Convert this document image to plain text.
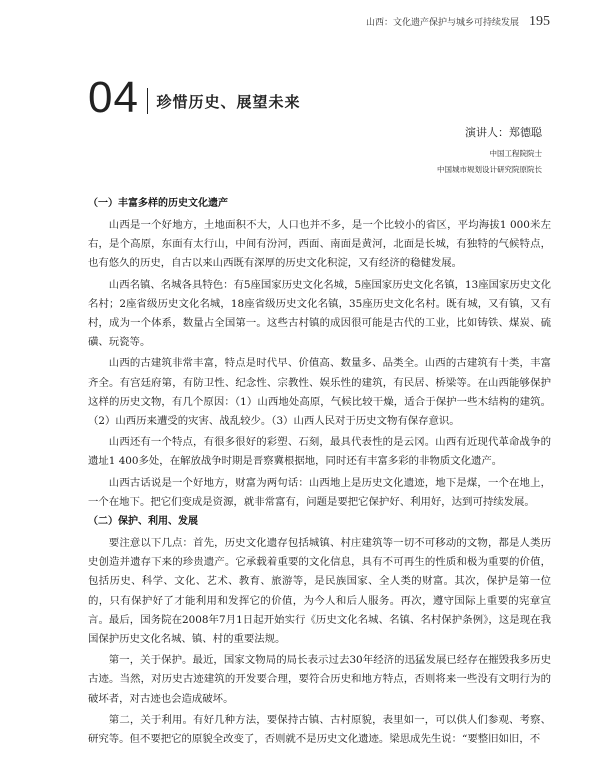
山西：文化遗产保护与城乡可持续发展 195
04 珍惜历史、展望未来
演讲人：郑德聪
中国工程院院士
中国城市规划设计研究院原院长
（一）丰富多样的历史文化遗产

山西是一个好地方，土地面积不大，人口也并不多，是一个比较小的省区，平均海拔1 000米左右，是个高原，东面有太行山，中间有汾河，西面、南面是黄河，北面是长城，有独特的气候特点，也有悠久的历史，自古以来山西既有深厚的历史文化积淀，又有经济的稳健发展。

山西名镇、名城各具特色：有5座国家历史文化名城，5座国家历史文化名镇，13座国家历史文化名村；2座省级历史文化名城，18座省级历史文化名镇，35座历史文化名村。既有城，又有镇，又有村，成为一个体系，数量占全国第一。这些古村镇的成因很可能是古代的工业，比如铸铁、煤炭、硫磺、玩瓷等。

山西的古建筑非常丰富，特点是时代早、价值高、数量多、品类全。山西的古建筑有十类，丰富齐全。有宫廷府第，有防卫性、纪念性、宗教性、娱乐性的建筑，有民居、桥梁等。在山西能够保护这样的历史文物，有几个原因：（1）山西地处高原，气候比较干燥，适合于保护一些木结构的建筑。（2）山西历来遭受的灾害、战乱较少。（3）山西人民对于历史文物有保存意识。

山西还有一个特点，有很多很好的彩塑、石刻，最具代表性的是云冈。山西有近现代革命战争的遗址1 400多处，在解放战争时期是晋察冀根据地，同时还有丰富多彩的非物质文化遗产。

山西古话说是一个好地方，财富为两句话：山西地上是历史文化遗迹，地下是煤，一个在地上，一个在地下。把它们变成是资源，就非常富有，问题是要把它保护好、利用好，达到可持续发展。

（二）保护、利用、发展

要注意以下几点：首先，历史文化遗存包括城镇、村庄建筑等一切不可移动的文物，都是人类历史创造并遗存下来的珍贵遗产。它承载着重要的文化信息，具有不可再生的性质和极为重要的价值，包括历史、科学、文化、艺术、教育、旅游等，是民族国家、全人类的财富。其次，保护是第一位的，只有保护好了才能利用和发挥它的价值，为今人和后人服务。再次，遵守国际上重要的宪章宣言。最后，国务院在2008年7月1日起开始实行《历史文化名城、名镇、名村保护条例》，这是现在我国保护历史文化名城、镇、村的重要法规。

第一，关于保护。最近，国家文物局的局长表示过去30年经济的迅猛发展已经存在摧毁我多历史古迹。当然，对历史古迹建筑的开发要合理，要符合历史和地方特点，否则将来一些没有文明行为的破坏者，对古迹也会造成破坏。

第二，关于利用。有好几种方法，要保持古镇、古村原貌，表里如一，可以供人们参观、考察、研究等。但不要把它的原貌全改变了，否则就不是历史文化遗迹。梁思成先生说：“要整旧如旧，不
